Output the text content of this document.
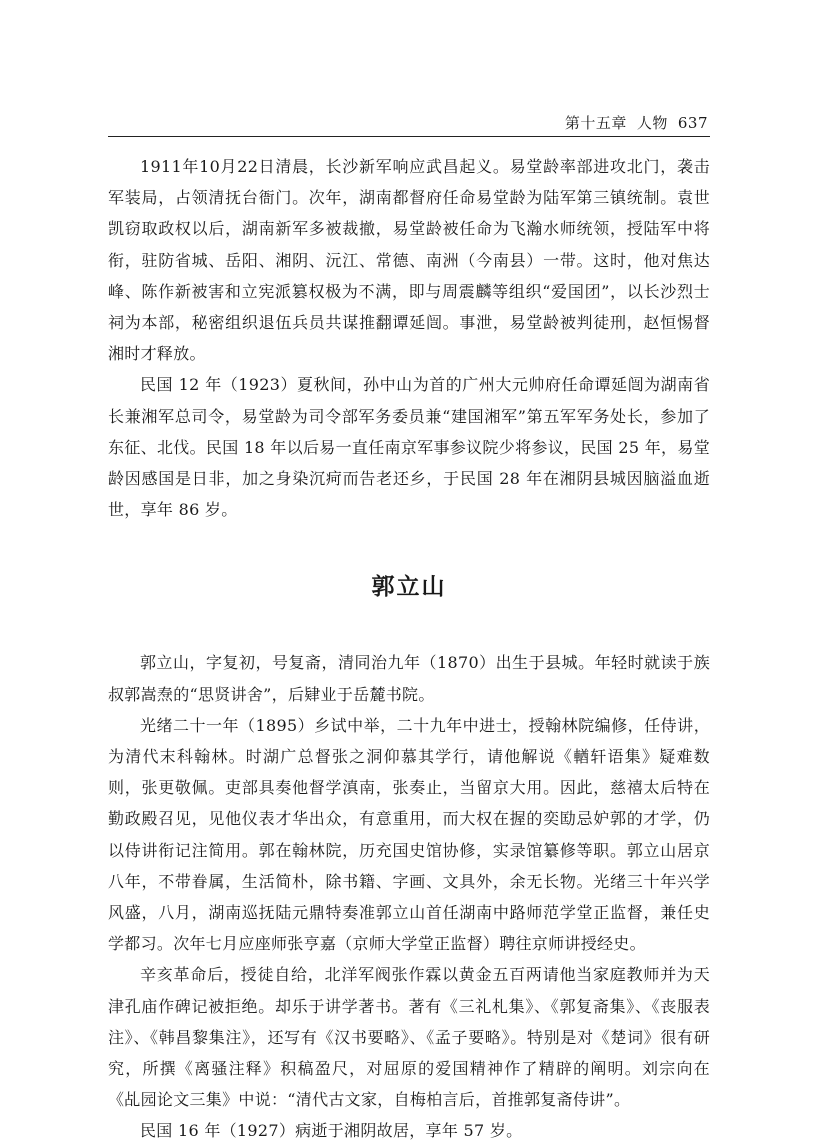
第十五章 人物 637

1911年10月22日清晨，长沙新军响应武昌起义。易堂龄率部进攻北门，袭击军装局，占领清抚台衙门。次年，湖南都督府任命易堂龄为陆军第三镇统制。袁世凯窃取政权以后，湖南新军多被裁撤，易堂龄被任命为飞瀚水师统领，授陆军中将衔，驻防省城、岳阳、湘阴、沅江、常德、南洲（今南县）一带。这时，他对焦达峰、陈作新被害和立宪派篡权极为不满，即与周震麟等组织“爱国团”，以长沙烈士祠为本部，秘密组织退伍兵员共谋推翻谭延闿。事泄，易堂龄被判徒刑，赵恒惕督湘时才释放。

民国 12 年（1923）夏秋间，孙中山为首的广州大元帅府任命谭延闿为湖南省长兼湘军总司令，易堂龄为司令部军务委员兼“建国湘军”第五军军务处长，参加了东征、北伐。民国 18 年以后易一直任南京军事参议院少将参议，民国 25 年，易堂龄因感国是日非，加之身染沉疴而告老还乡，于民国 28 年在湘阴县城因脑溢血逝世，享年 86 岁。

郭立山

郭立山，字复初，号复斋，清同治九年（1870）出生于县城。年轻时就读于族叔郭嵩焘的“思贤讲舍”，后肄业于岳麓书院。

光绪二十一年（1895）乡试中举，二十九年中进士，授翰林院编修，任侍讲，为清代末科翰林。时湖广总督张之洞仰慕其学行，请他解说《輶轩语集》疑难数则，张更敬佩。吏部具奏他督学滇南，张奏止，当留京大用。因此，慈禧太后特在勤政殿召见，见他仪表才华出众，有意重用，而大权在握的奕劻忌妒郭的才学，仍以侍讲衔记注简用。郭在翰林院，历充国史馆协修，实录馆纂修等职。郭立山居京八年，不带眷属，生活简朴，除书籍、字画、文具外，余无长物。光绪三十年兴学风盛，八月，湖南巡抚陆元鼎特奏准郭立山首任湖南中路师范学堂正监督，兼任史学都习。次年七月应座师张亨嘉（京师大学堂正监督）聘往京师讲授经史。

辛亥革命后，授徒自给，北洋军阀张作霖以黄金五百两请他当家庭教师并为天津孔庙作碑记被拒绝。却乐于讲学著书。著有《三礼札集》、《郭复斋集》、《丧服表注》、《韩昌黎集注》，还写有《汉书要略》、《孟子要略》。特别是对《楚词》很有研究，所撰《离骚注释》积稿盈尺，对屈原的爱国精神作了精辟的阐明。刘宗向在《乩园论文三集》中说：“清代古文家，自梅柏言后，首推郭复斋侍讲”。

民国 16 年（1927）病逝于湘阴故居，享年 57 岁。
